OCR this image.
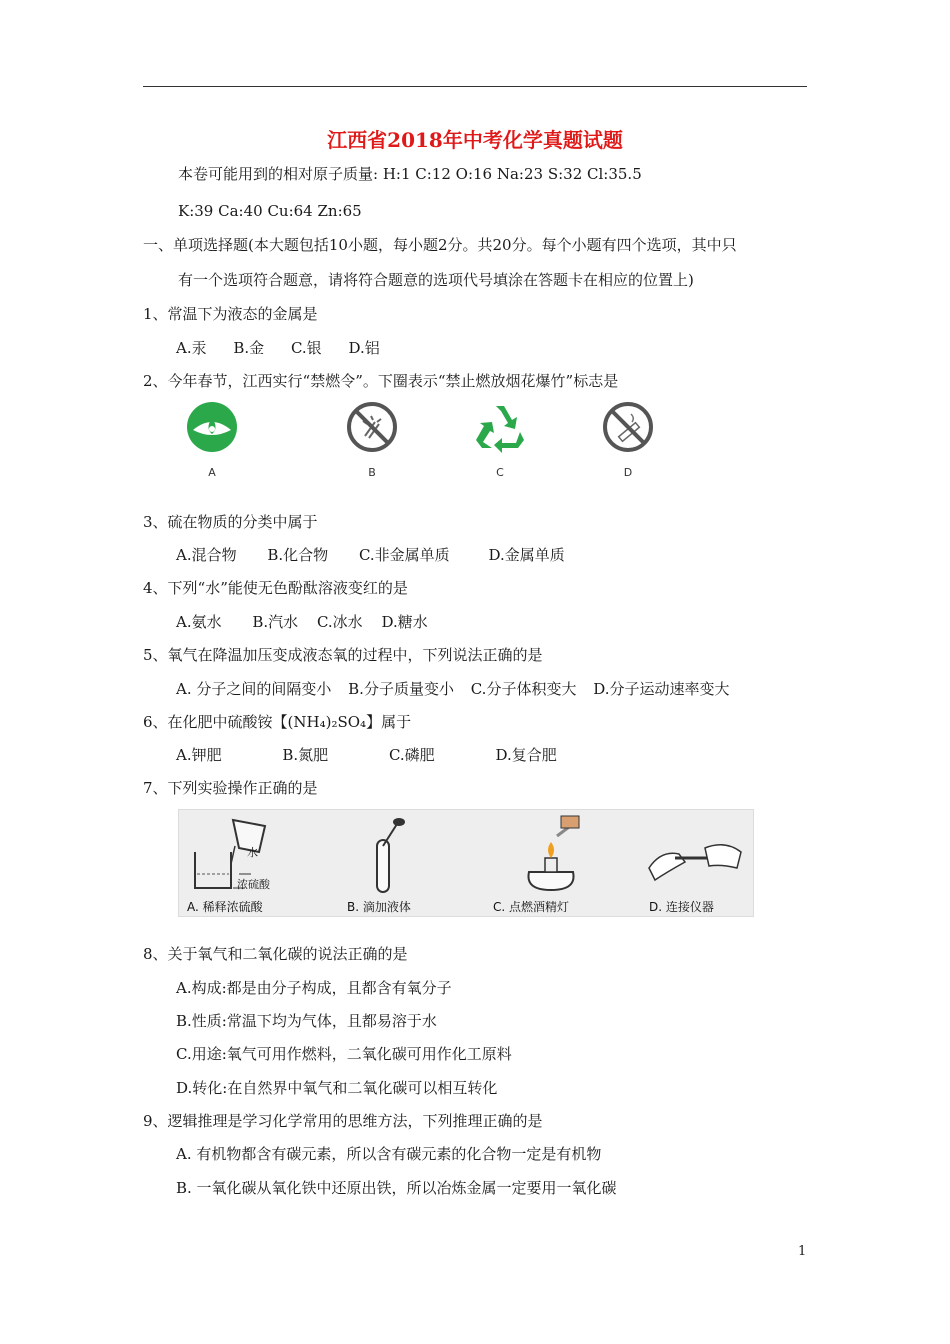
江西省2018年中考化学真题试题
本卷可能用到的相对原子质量: H:1 C:12 O:16 Na:23 S:32 Cl:35.5
K:39 Ca:40 Cu:64 Zn:65
一、单项选择题(本大题包括10小题，每小题2分。共20分。每个小题有四个选项，其中只
有一个选项符合题意，请将符合题意的选项代号填涂在答题卡在相应的位置上)
1、常温下为液态的金属是
A.汞 B.金 C.银 D.铝
2、今年春节，江西实行“禁燃令”。下圈表示“禁止燃放烟花爆竹”标志是
A	B	C	D
3、硫在物质的分类中属于
A.混合物 B.化合物 C.非金属单质	D.金属单质
4、下列“水”能使无色酚酞溶液变红的是
A.氨水 B.汽水 C.冰水 D.糖水
5、氧气在降温加压变成液态氧的过程中，下列说法正确的是
A. 分子之间的间隔变小 B.分子质量变小 C.分子体积变大 D.分子运动速率变大
6、在化肥中硫酸铵【(NH₄)₂SO₄】属于
A.钾肥	B.氮肥	C.磷肥	D.复合肥
7、下列实验操作正确的是
水
浓硫酸
A. 稀释浓硫酸	B. 滴加液体	C. 点燃酒精灯	D. 连接仪器
8、关于氧气和二氧化碳的说法正确的是
A.构成:都是由分子构成，且都含有氧分子
B.性质:常温下均为气体，且都易溶于水
C.用途:氧气可用作燃料，二氧化碳可用作化工原料
D.转化:在自然界中氧气和二氧化碳可以相互转化
9、逻辑推理是学习化学常用的思维方法，下列推理正确的是
A. 有机物都含有碳元素，所以含有碳元素的化合物一定是有机物
B. 一氧化碳从氧化铁中还原出铁，所以冶炼金属一定要用一氧化碳
1
